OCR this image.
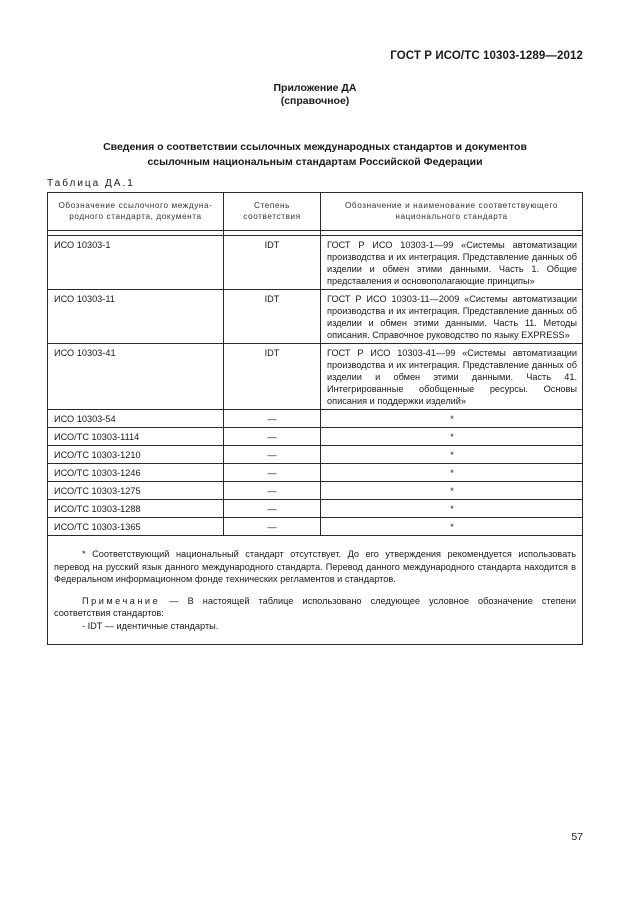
ГОСТ Р ИСО/ТС 10303-1289—2012
Приложение ДА
(справочное)
Сведения о соответствии ссылочных международных стандартов и документов
ссылочным национальным стандартам Российской Федерации
Таблица ДА.1
Обозначение ссылочного междуна-родного стандарта, документа	Степень соответствия	Обозначение и наименование соответствующего национального стандарта

ИСО 10303-1	IDT	ГОСТ Р ИСО 10303-1—99 «Системы автоматизации производства и их интеграция. Представление данных об изделии и обмен этими данными. Часть 1. Общие представления и основополагающие принципы»
ИСО 10303-11	IDT	ГОСТ Р ИСО 10303-11—2009 «Системы автоматизации производства и их интеграция. Представление данных об изделии и обмен этими данными. Часть 11. Методы описания. Справочное руководство по языку EXPRESS»
ИСО 10303-41	IDT	ГОСТ Р ИСО 10303-41—99 «Системы автоматизации производства и их интеграция. Представление данных об изделии и обмен этими данными. Часть 41. Интегрированные обобщенные ресурсы. Основы описания и поддержки изделий»
ИСО 10303-54	—	*
ИСО/ТС 10303-1114	—	*
ИСО/ТС 10303-1210	—	*
ИСО/ТС 10303-1246	—	*
ИСО/ТС 10303-1275	—	*
ИСО/ТС 10303-1288	—	*
ИСО/ТС 10303-1365	—	*

* Соответствующий национальный стандарт отсутствует. До его утверждения рекомендуется использовать перевод на русский язык данного международного стандарта. Перевод данного международного стандарта находится в Федеральном информационном фонде технических регламентов и стандартов.

Примечание — В настоящей таблице использовано следующее условное обозначение степени соответствия стандартов:

- IDT — идентичные стандарты.		

57
